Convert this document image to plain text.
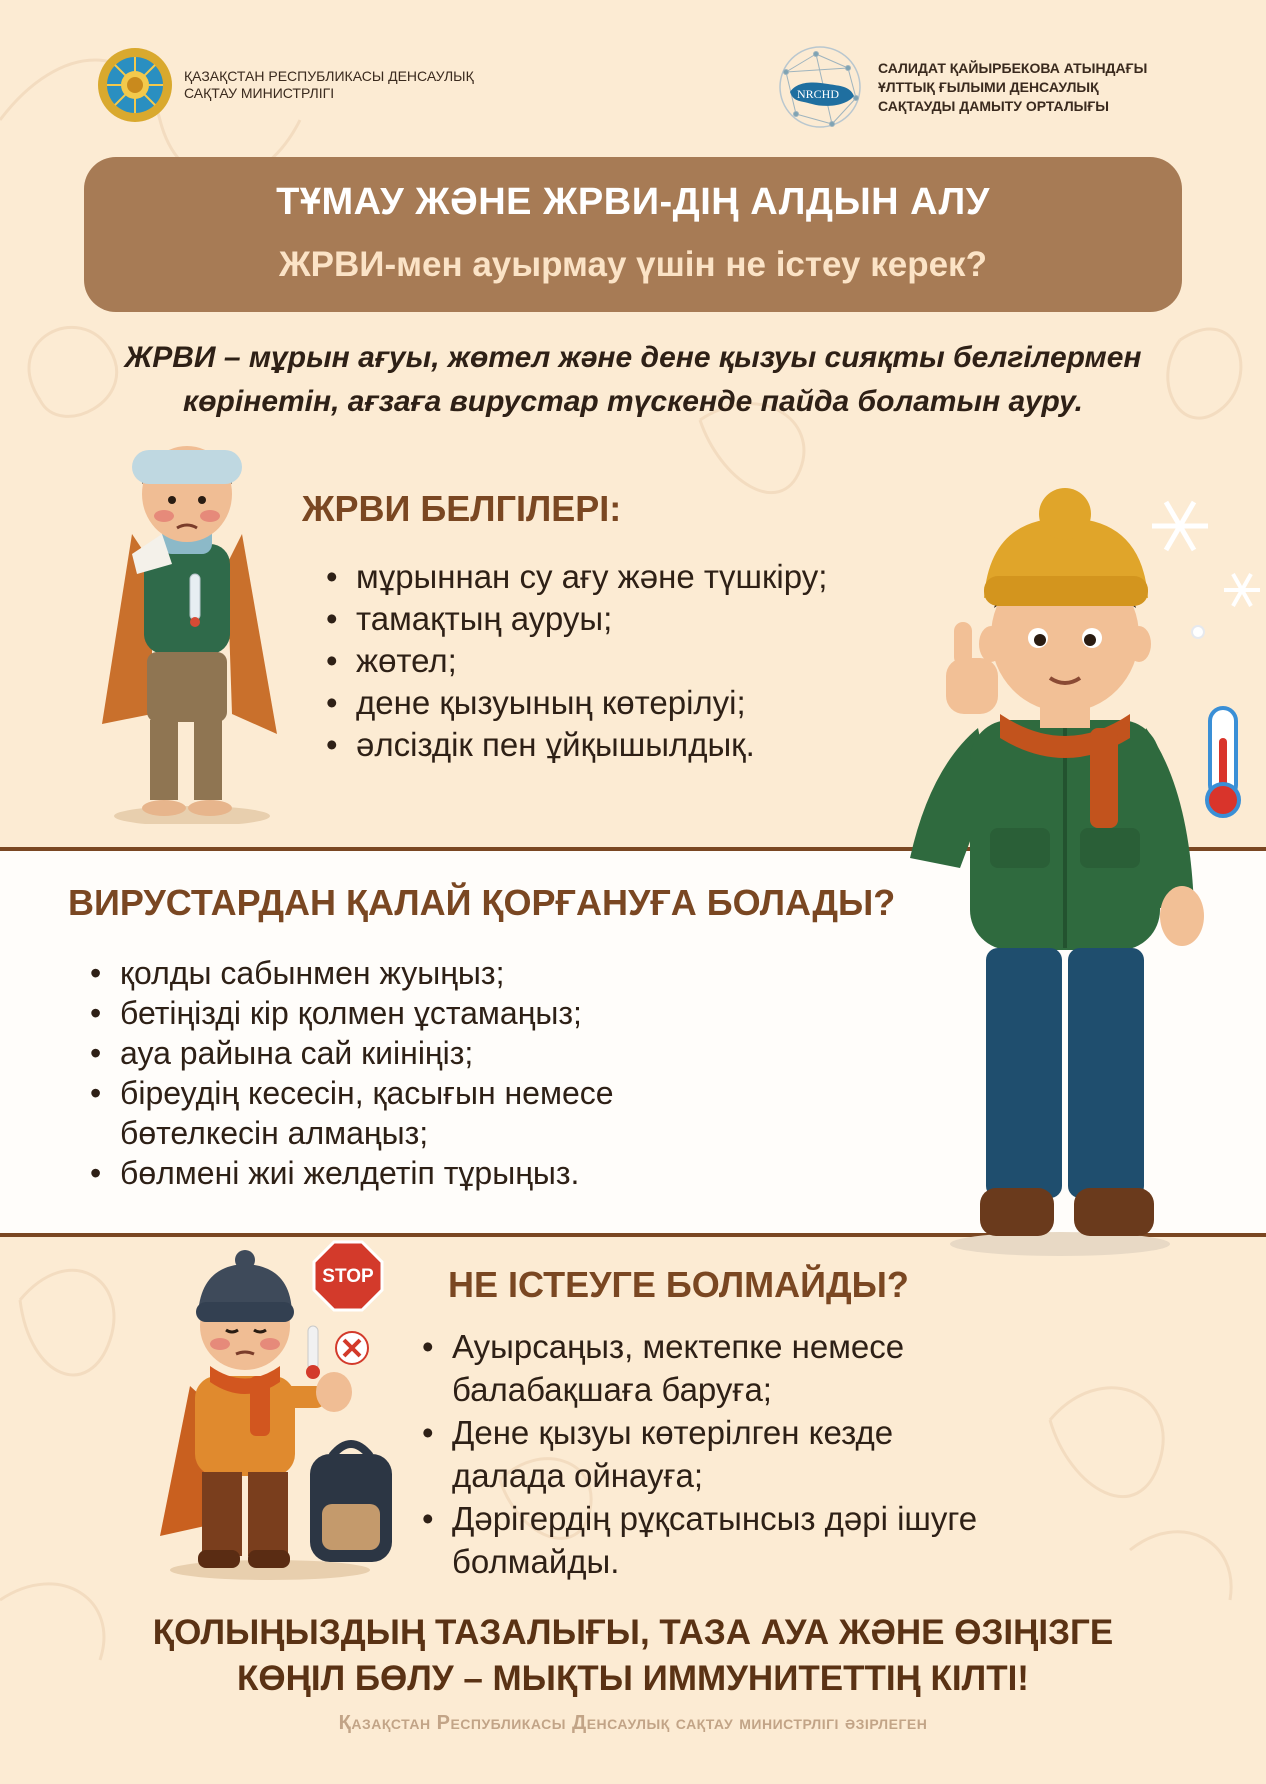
ҚАЗАҚСТАН РЕСПУБЛИКАСЫ ДЕНСАУЛЫҚ
САҚТАУ МИНИСТРЛІГІ	NRCHD
САЛИДАТ ҚАЙЫРБЕКОВА АТЫНДАҒЫ
ҰЛТТЫҚ ҒЫЛЫМИ ДЕНСАУЛЫҚ
САҚТАУДЫ ДАМЫТУ ОРТАЛЫҒЫ
ТҰМАУ ЖӘНЕ ЖРВИ-ДІҢ АЛДЫН АЛУ
ЖРВИ-мен ауырмау үшін не істеу керек?
ЖРВИ – мұрын ағуы, жөтел және дене қызуы сияқты белгілермен
көрінетін, ағзаға вирустар түскенде пайда болатын ауру.
ЖРВИ БЕЛГІЛЕРІ:
• мұрыннан су ағу және түшкіру;
• тамақтың ауруы;
• жөтел;
• дене қызуының көтерілуі;
• әлсіздік пен ұйқышылдық.
ВИРУСТАРДАН ҚАЛАЙ ҚОРҒАНУҒА БОЛАДЫ?
• қолды сабынмен жуыңыз;
• бетіңізді кір қолмен ұстамаңыз;
• ауа райына сай киініңіз;
• біреудің кесесін, қасығын немесе бөтелкесін алмаңыз;
• бөлмені жиі желдетіп тұрыңыз.
STOP НЕ ІСТЕУГЕ БОЛМАЙДЫ?
• Ауырсаңыз, мектепке немесе балабақшаға баруға;
• Дене қызуы көтерілген кезде далада ойнауға;
• Дәрігердің рұқсатынсыз дәрі ішуге болмайды.
ҚОЛЫҢЫЗДЫҢ ТАЗАЛЫҒЫ, ТАЗА АУА ЖӘНЕ ӨЗІҢІЗГЕ
КӨҢІЛ БӨЛУ – МЫҚТЫ ИММУНИТЕТТІҢ КІЛТІ!
Қазақстан Республикасы Денсаулық сақтау министрлігі әзірлеген
